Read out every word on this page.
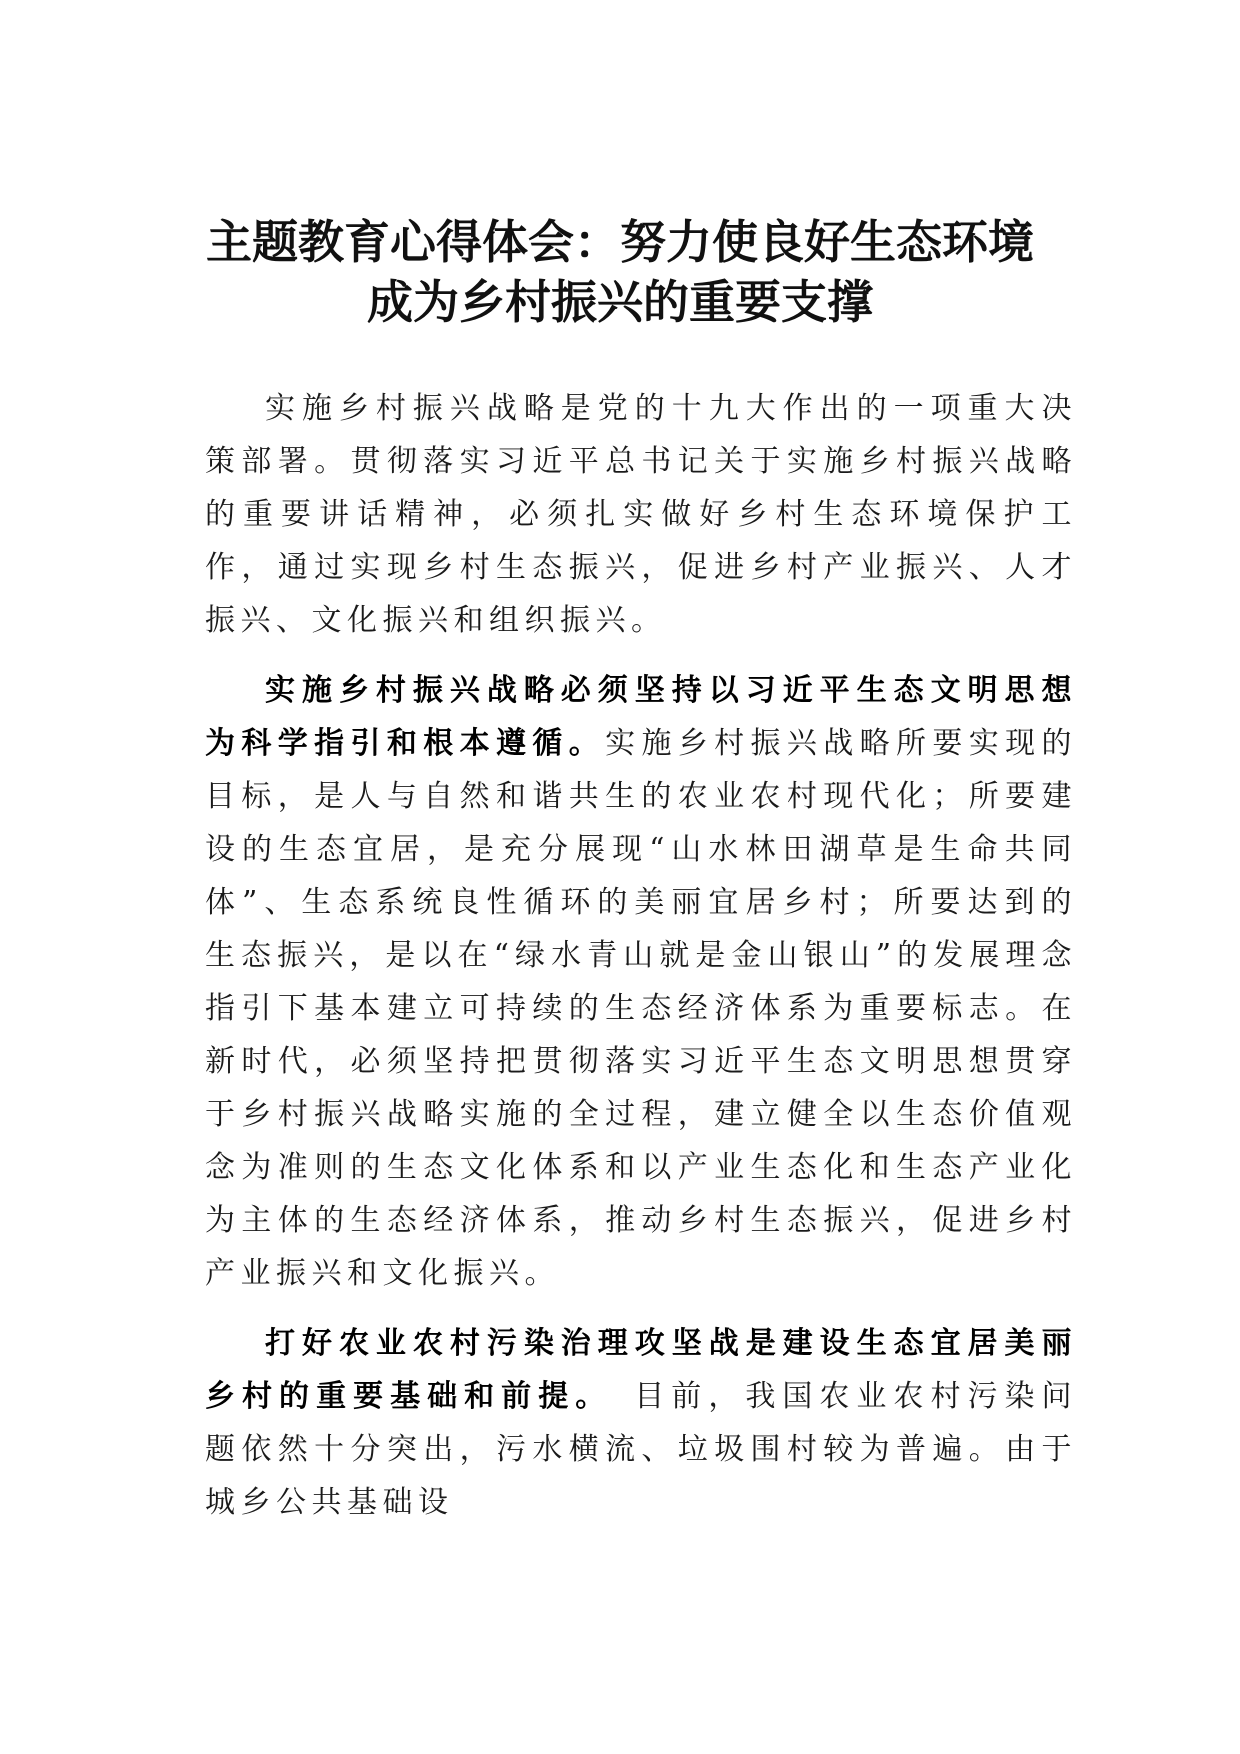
主题教育心得体会：努力使良好生态环境
成为乡村振兴的重要支撑

实施乡村振兴战略是党的十九大作出的一项重大决策部署。贯彻落实习近平总书记关于实施乡村振兴战略的重要讲话精神，必须扎实做好乡村生态环境保护工作，通过实现乡村生态振兴，促进乡村产业振兴、人才振兴、文化振兴和组织振兴。

实施乡村振兴战略必须坚持以习近平生态文明思想为科学指引和根本遵循。实施乡村振兴战略所要实现的目标，是人与自然和谐共生的农业农村现代化；所要建设的生态宜居，是充分展现“山水林田湖草是生命共同体”、生态系统良性循环的美丽宜居乡村；所要达到的生态振兴，是以在“绿水青山就是金山银山”的发展理念指引下基本建立可持续的生态经济体系为重要标志。在新时代，必须坚持把贯彻落实习近平生态文明思想贯穿于乡村振兴战略实施的全过程，建立健全以生态价值观念为准则的生态文化体系和以产业生态化和生态产业化为主体的生态经济体系，推动乡村生态振兴，促进乡村产业振兴和文化振兴。

打好农业农村污染治理攻坚战是建设生态宜居美丽乡村的重要基础和前提。　目前，我国农业农村污染问题依然十分突出，污水横流、垃圾围村较为普遍。由于城乡公共基础设
